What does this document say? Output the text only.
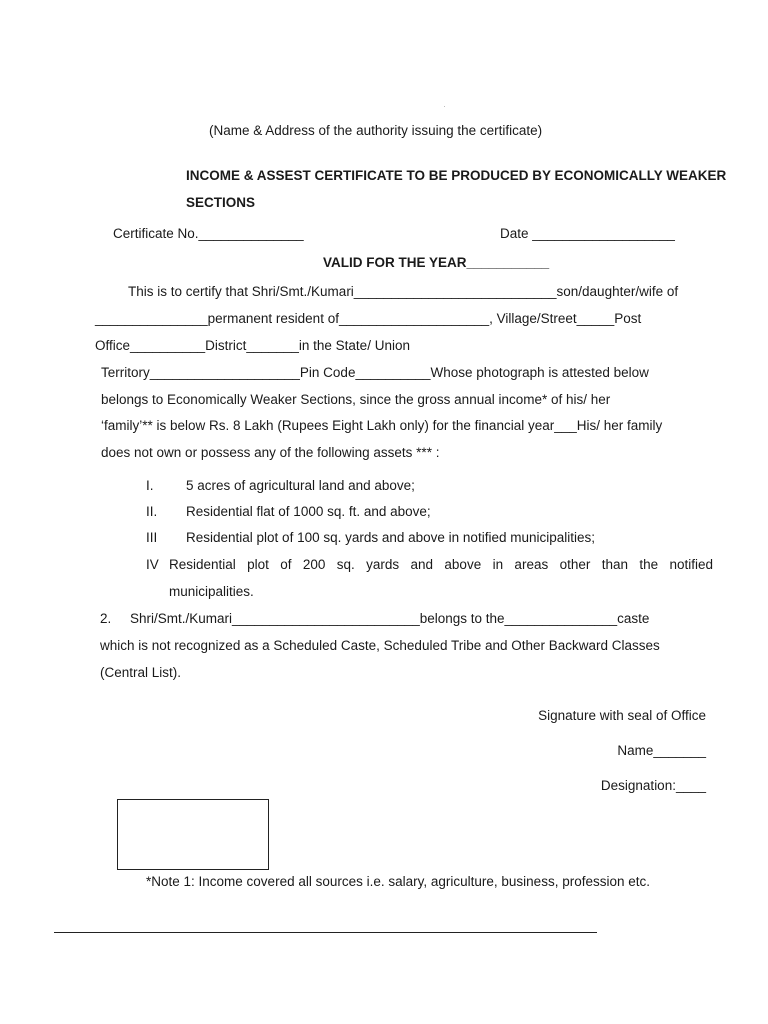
(Name & Address of the authority issuing the certificate)
INCOME & ASSEST CERTIFICATE TO BE PRODUCED BY ECONOMICALLY WEAKER
SECTIONS
Certificate No.______________	Date ___________________
VALID FOR THE YEAR___________
This is to certify that Shri/Smt./Kumari___________________________son/daughter/wife of
_______________permanent resident of____________________, Village/Street_____Post
Office__________District_______in the State/ Union
Territory____________________Pin Code__________Whose photograph is attested below
belongs to Economically Weaker Sections, since the gross annual income* of his/ her
‘family’** is below Rs. 8 Lakh (Rupees Eight Lakh only) for the financial year___His/ her family
does not own or possess any of the following assets *** :
I. 5 acres of agricultural land and above;
II. Residential flat of 1000 sq. ft. and above;
III Residential plot of 100 sq. yards and above in notified municipalities;
IV Residential plot of 200 sq. yards and above in areas other than the notified
municipalities.
2.     Shri/Smt./Kumari_________________________belongs to the_______________caste
which is not recognized as a Scheduled Caste, Scheduled Tribe and Other Backward Classes
(Central List).
Signature with seal of Office
Name_______
Designation:____
*Note 1: Income covered all sources i.e. salary, agriculture, business, profession etc.
